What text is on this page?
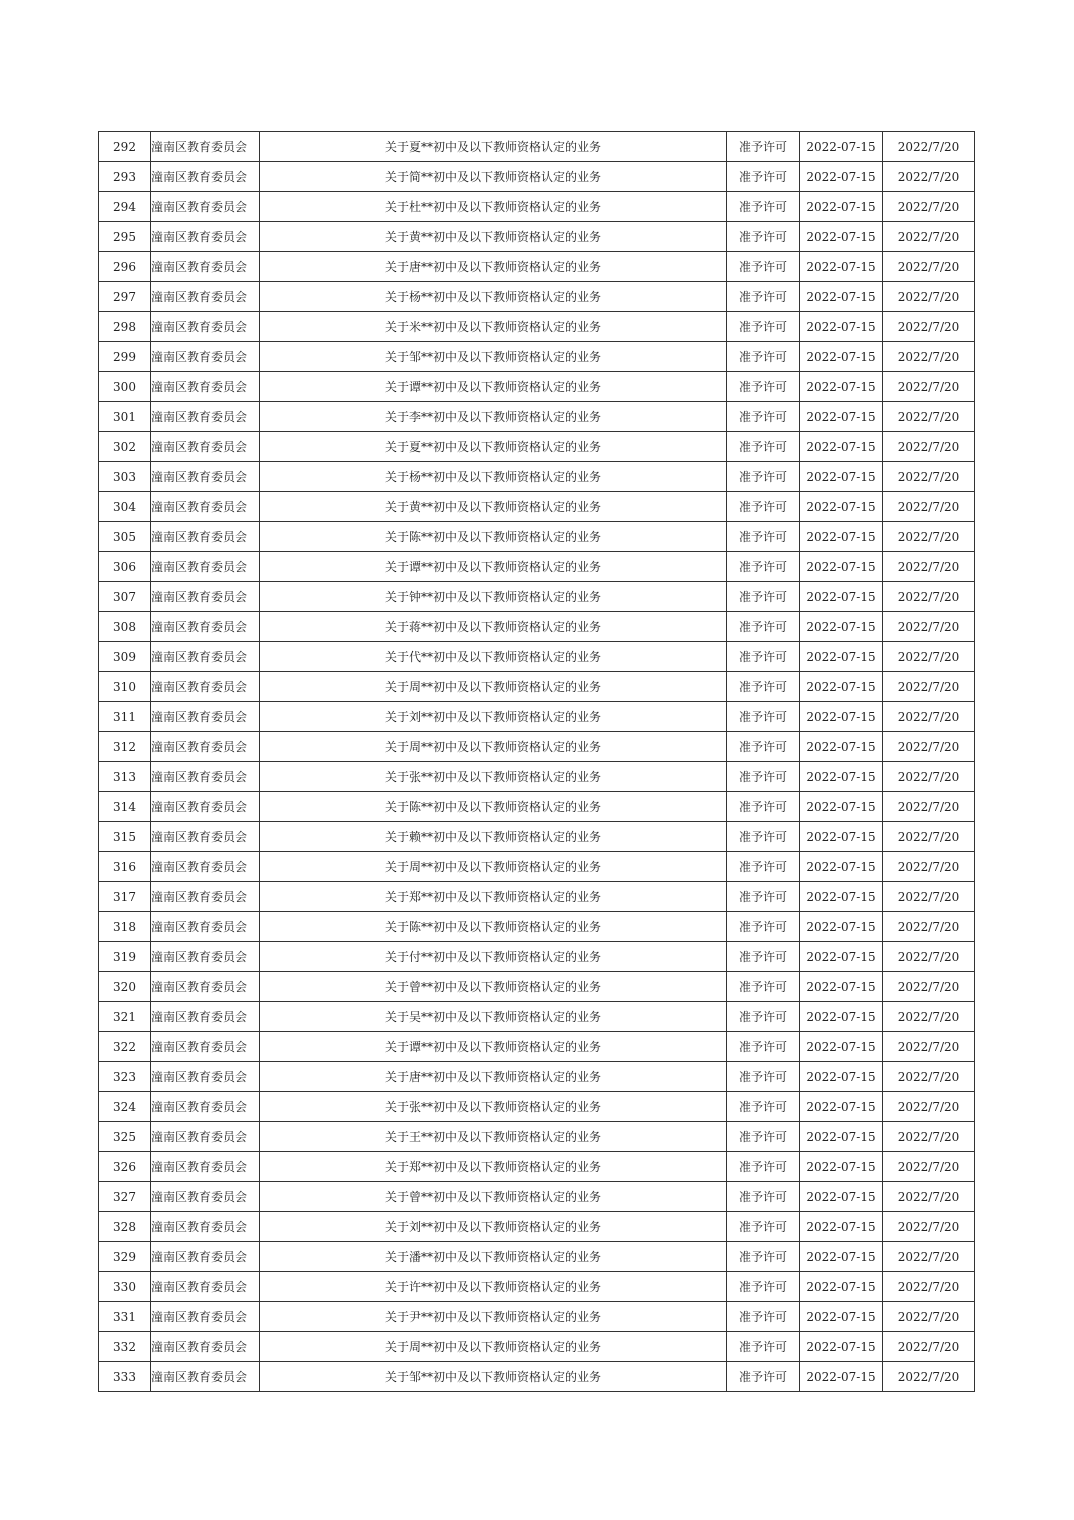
292	潼南区教育委员会	关于夏**初中及以下教师资格认定的业务	准予许可	2022-07-15	2022/7/20
293	潼南区教育委员会	关于简**初中及以下教师资格认定的业务	准予许可	2022-07-15	2022/7/20
294	潼南区教育委员会	关于杜**初中及以下教师资格认定的业务	准予许可	2022-07-15	2022/7/20
295	潼南区教育委员会	关于黄**初中及以下教师资格认定的业务	准予许可	2022-07-15	2022/7/20
296	潼南区教育委员会	关于唐**初中及以下教师资格认定的业务	准予许可	2022-07-15	2022/7/20
297	潼南区教育委员会	关于杨**初中及以下教师资格认定的业务	准予许可	2022-07-15	2022/7/20
298	潼南区教育委员会	关于米**初中及以下教师资格认定的业务	准予许可	2022-07-15	2022/7/20
299	潼南区教育委员会	关于邹**初中及以下教师资格认定的业务	准予许可	2022-07-15	2022/7/20
300	潼南区教育委员会	关于谭**初中及以下教师资格认定的业务	准予许可	2022-07-15	2022/7/20
301	潼南区教育委员会	关于李**初中及以下教师资格认定的业务	准予许可	2022-07-15	2022/7/20
302	潼南区教育委员会	关于夏**初中及以下教师资格认定的业务	准予许可	2022-07-15	2022/7/20
303	潼南区教育委员会	关于杨**初中及以下教师资格认定的业务	准予许可	2022-07-15	2022/7/20
304	潼南区教育委员会	关于黄**初中及以下教师资格认定的业务	准予许可	2022-07-15	2022/7/20
305	潼南区教育委员会	关于陈**初中及以下教师资格认定的业务	准予许可	2022-07-15	2022/7/20
306	潼南区教育委员会	关于谭**初中及以下教师资格认定的业务	准予许可	2022-07-15	2022/7/20
307	潼南区教育委员会	关于钟**初中及以下教师资格认定的业务	准予许可	2022-07-15	2022/7/20
308	潼南区教育委员会	关于蒋**初中及以下教师资格认定的业务	准予许可	2022-07-15	2022/7/20
309	潼南区教育委员会	关于代**初中及以下教师资格认定的业务	准予许可	2022-07-15	2022/7/20
310	潼南区教育委员会	关于周**初中及以下教师资格认定的业务	准予许可	2022-07-15	2022/7/20
311	潼南区教育委员会	关于刘**初中及以下教师资格认定的业务	准予许可	2022-07-15	2022/7/20
312	潼南区教育委员会	关于周**初中及以下教师资格认定的业务	准予许可	2022-07-15	2022/7/20
313	潼南区教育委员会	关于张**初中及以下教师资格认定的业务	准予许可	2022-07-15	2022/7/20
314	潼南区教育委员会	关于陈**初中及以下教师资格认定的业务	准予许可	2022-07-15	2022/7/20
315	潼南区教育委员会	关于赖**初中及以下教师资格认定的业务	准予许可	2022-07-15	2022/7/20
316	潼南区教育委员会	关于周**初中及以下教师资格认定的业务	准予许可	2022-07-15	2022/7/20
317	潼南区教育委员会	关于郑**初中及以下教师资格认定的业务	准予许可	2022-07-15	2022/7/20
318	潼南区教育委员会	关于陈**初中及以下教师资格认定的业务	准予许可	2022-07-15	2022/7/20
319	潼南区教育委员会	关于付**初中及以下教师资格认定的业务	准予许可	2022-07-15	2022/7/20
320	潼南区教育委员会	关于曾**初中及以下教师资格认定的业务	准予许可	2022-07-15	2022/7/20
321	潼南区教育委员会	关于吴**初中及以下教师资格认定的业务	准予许可	2022-07-15	2022/7/20
322	潼南区教育委员会	关于谭**初中及以下教师资格认定的业务	准予许可	2022-07-15	2022/7/20
323	潼南区教育委员会	关于唐**初中及以下教师资格认定的业务	准予许可	2022-07-15	2022/7/20
324	潼南区教育委员会	关于张**初中及以下教师资格认定的业务	准予许可	2022-07-15	2022/7/20
325	潼南区教育委员会	关于王**初中及以下教师资格认定的业务	准予许可	2022-07-15	2022/7/20
326	潼南区教育委员会	关于郑**初中及以下教师资格认定的业务	准予许可	2022-07-15	2022/7/20
327	潼南区教育委员会	关于曾**初中及以下教师资格认定的业务	准予许可	2022-07-15	2022/7/20
328	潼南区教育委员会	关于刘**初中及以下教师资格认定的业务	准予许可	2022-07-15	2022/7/20
329	潼南区教育委员会	关于潘**初中及以下教师资格认定的业务	准予许可	2022-07-15	2022/7/20
330	潼南区教育委员会	关于许**初中及以下教师资格认定的业务	准予许可	2022-07-15	2022/7/20
331	潼南区教育委员会	关于尹**初中及以下教师资格认定的业务	准予许可	2022-07-15	2022/7/20
332	潼南区教育委员会	关于周**初中及以下教师资格认定的业务	准予许可	2022-07-15	2022/7/20
333	潼南区教育委员会	关于邹**初中及以下教师资格认定的业务	准予许可	2022-07-15	2022/7/20
